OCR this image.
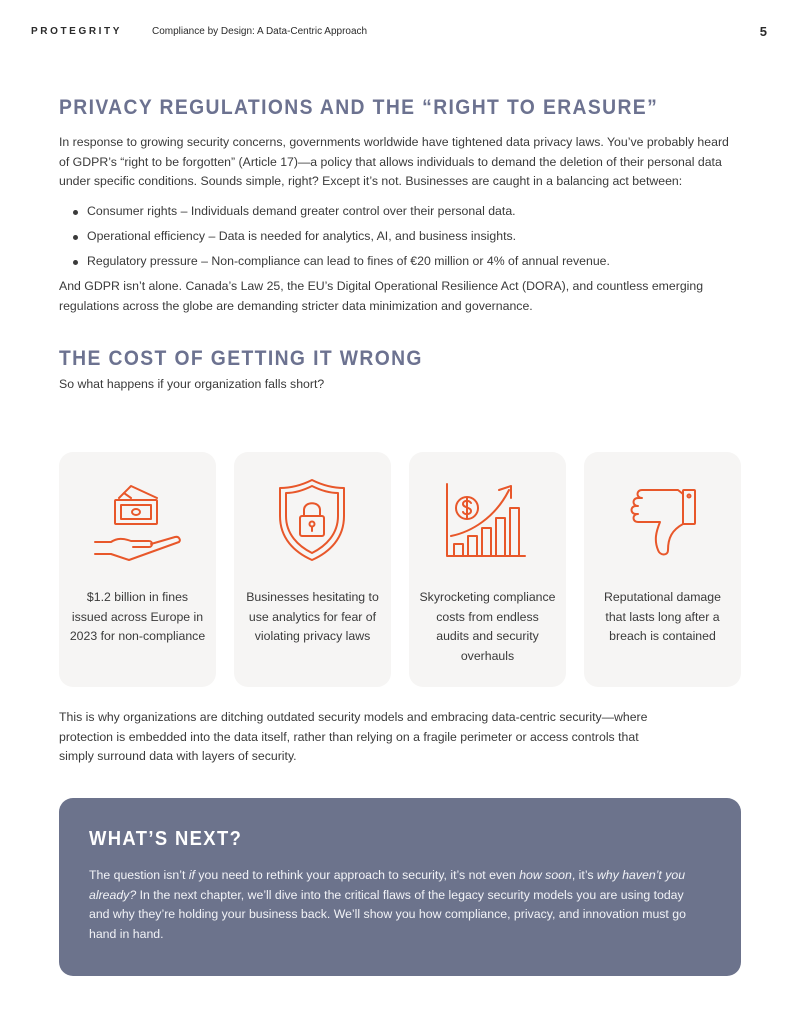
PROTEGRITY	Compliance by Design: A Data-Centric Approach	5
PRIVACY REGULATIONS AND THE “RIGHT TO ERASURE”

In response to growing security concerns, governments worldwide have tightened data privacy laws. You’ve probably heard of GDPR’s “right to be forgotten” (Article 17)—a policy that allows individuals to demand the deletion of their personal data under specific conditions. Sounds simple, right? Except it’s not. Businesses are caught in a balancing act between:

Consumer rights – Individuals demand greater control over their personal data.
Operational efficiency – Data is needed for analytics, AI, and business insights.
Regulatory pressure – Non-compliance can lead to fines of €20 million or 4% of annual revenue.

And GDPR isn’t alone. Canada’s Law 25, the EU’s Digital Operational Resilience Act (DORA), and countless emerging regulations across the globe are demanding stricter data minimization and governance.

THE COST OF GETTING IT WRONG

So what happens if your organization falls short?

$1.2 billion in fines issued across Europe in 2023 for non-compliance
Businesses hesitating to use analytics for fear of violating privacy laws
Skyrocketing compliance costs from endless audits and security overhauls
Reputational damage that lasts long after a breach is contained

This is why organizations are ditching outdated security models and embracing data-centric security—where protection is embedded into the data itself, rather than relying on a fragile perimeter or access controls that simply surround data with layers of security.

WHAT’S NEXT?

The question isn’t if you need to rethink your approach to security, it’s not even how soon, it’s why haven’t you already? In the next chapter, we’ll dive into the critical flaws of the legacy security models you are using today and why they’re holding your business back. We’ll show you how compliance, privacy, and innovation must go hand in hand.
